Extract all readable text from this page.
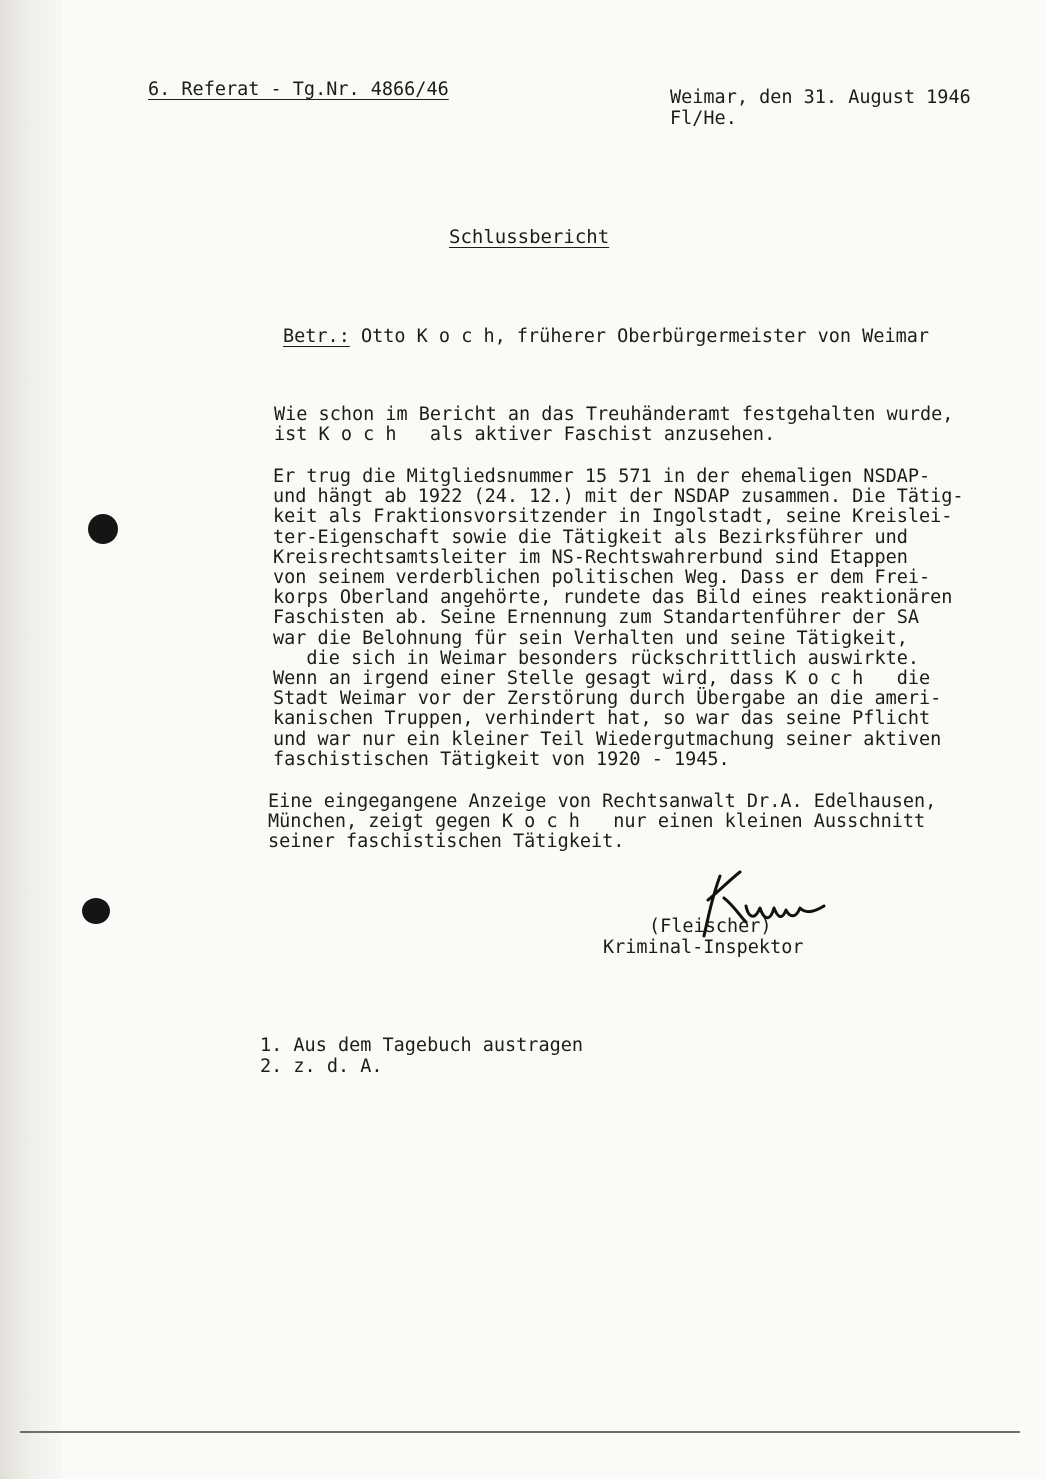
6. Referat - Tg.Nr. 4866/46	Weimar, den 31. August 1946
Fl/He.
Schlussbericht
Betr.: Otto K o c h, früherer Oberbürgermeister von Weimar
Wie schon im Bericht an das Treuhänderamt festgehalten wurde,
ist K o c h   als aktiver Faschist anzusehen.
Er trug die Mitgliedsnummer 15 571 in der ehemaligen NSDAP-
und hängt ab 1922 (24. 12.) mit der NSDAP zusammen. Die Tätig-
keit als Fraktionsvorsitzender in Ingolstadt, seine Kreislei-
ter-Eigenschaft sowie die Tätigkeit als Bezirksführer und
Kreisrechtsamtsleiter im NS-Rechtswahrerbund sind Etappen
von seinem verderblichen politischen Weg. Dass er dem Frei-
korps Oberland angehörte, rundete das Bild eines reaktionären
Faschisten ab. Seine Ernennung zum Standartenführer der SA
war die Belohnung für sein Verhalten und seine Tätigkeit,
die sich in Weimar besonders rückschrittlich auswirkte.
Wenn an irgend einer Stelle gesagt wird, dass K o c h   die
Stadt Weimar vor der Zerstörung durch Übergabe an die ameri-
kanischen Truppen, verhindert hat, so war das seine Pflicht
und war nur ein kleiner Teil Wiedergutmachung seiner aktiven
faschistischen Tätigkeit von 1920 - 1945.
Eine eingegangene Anzeige von Rechtsanwalt Dr.A. Edelhausen,
München, zeigt gegen K o c h   nur einen kleinen Ausschnitt
seiner faschistischen Tätigkeit.
(Fleischer)
Kriminal-Inspektor
1. Aus dem Tagebuch austragen
2. z. d. A.
